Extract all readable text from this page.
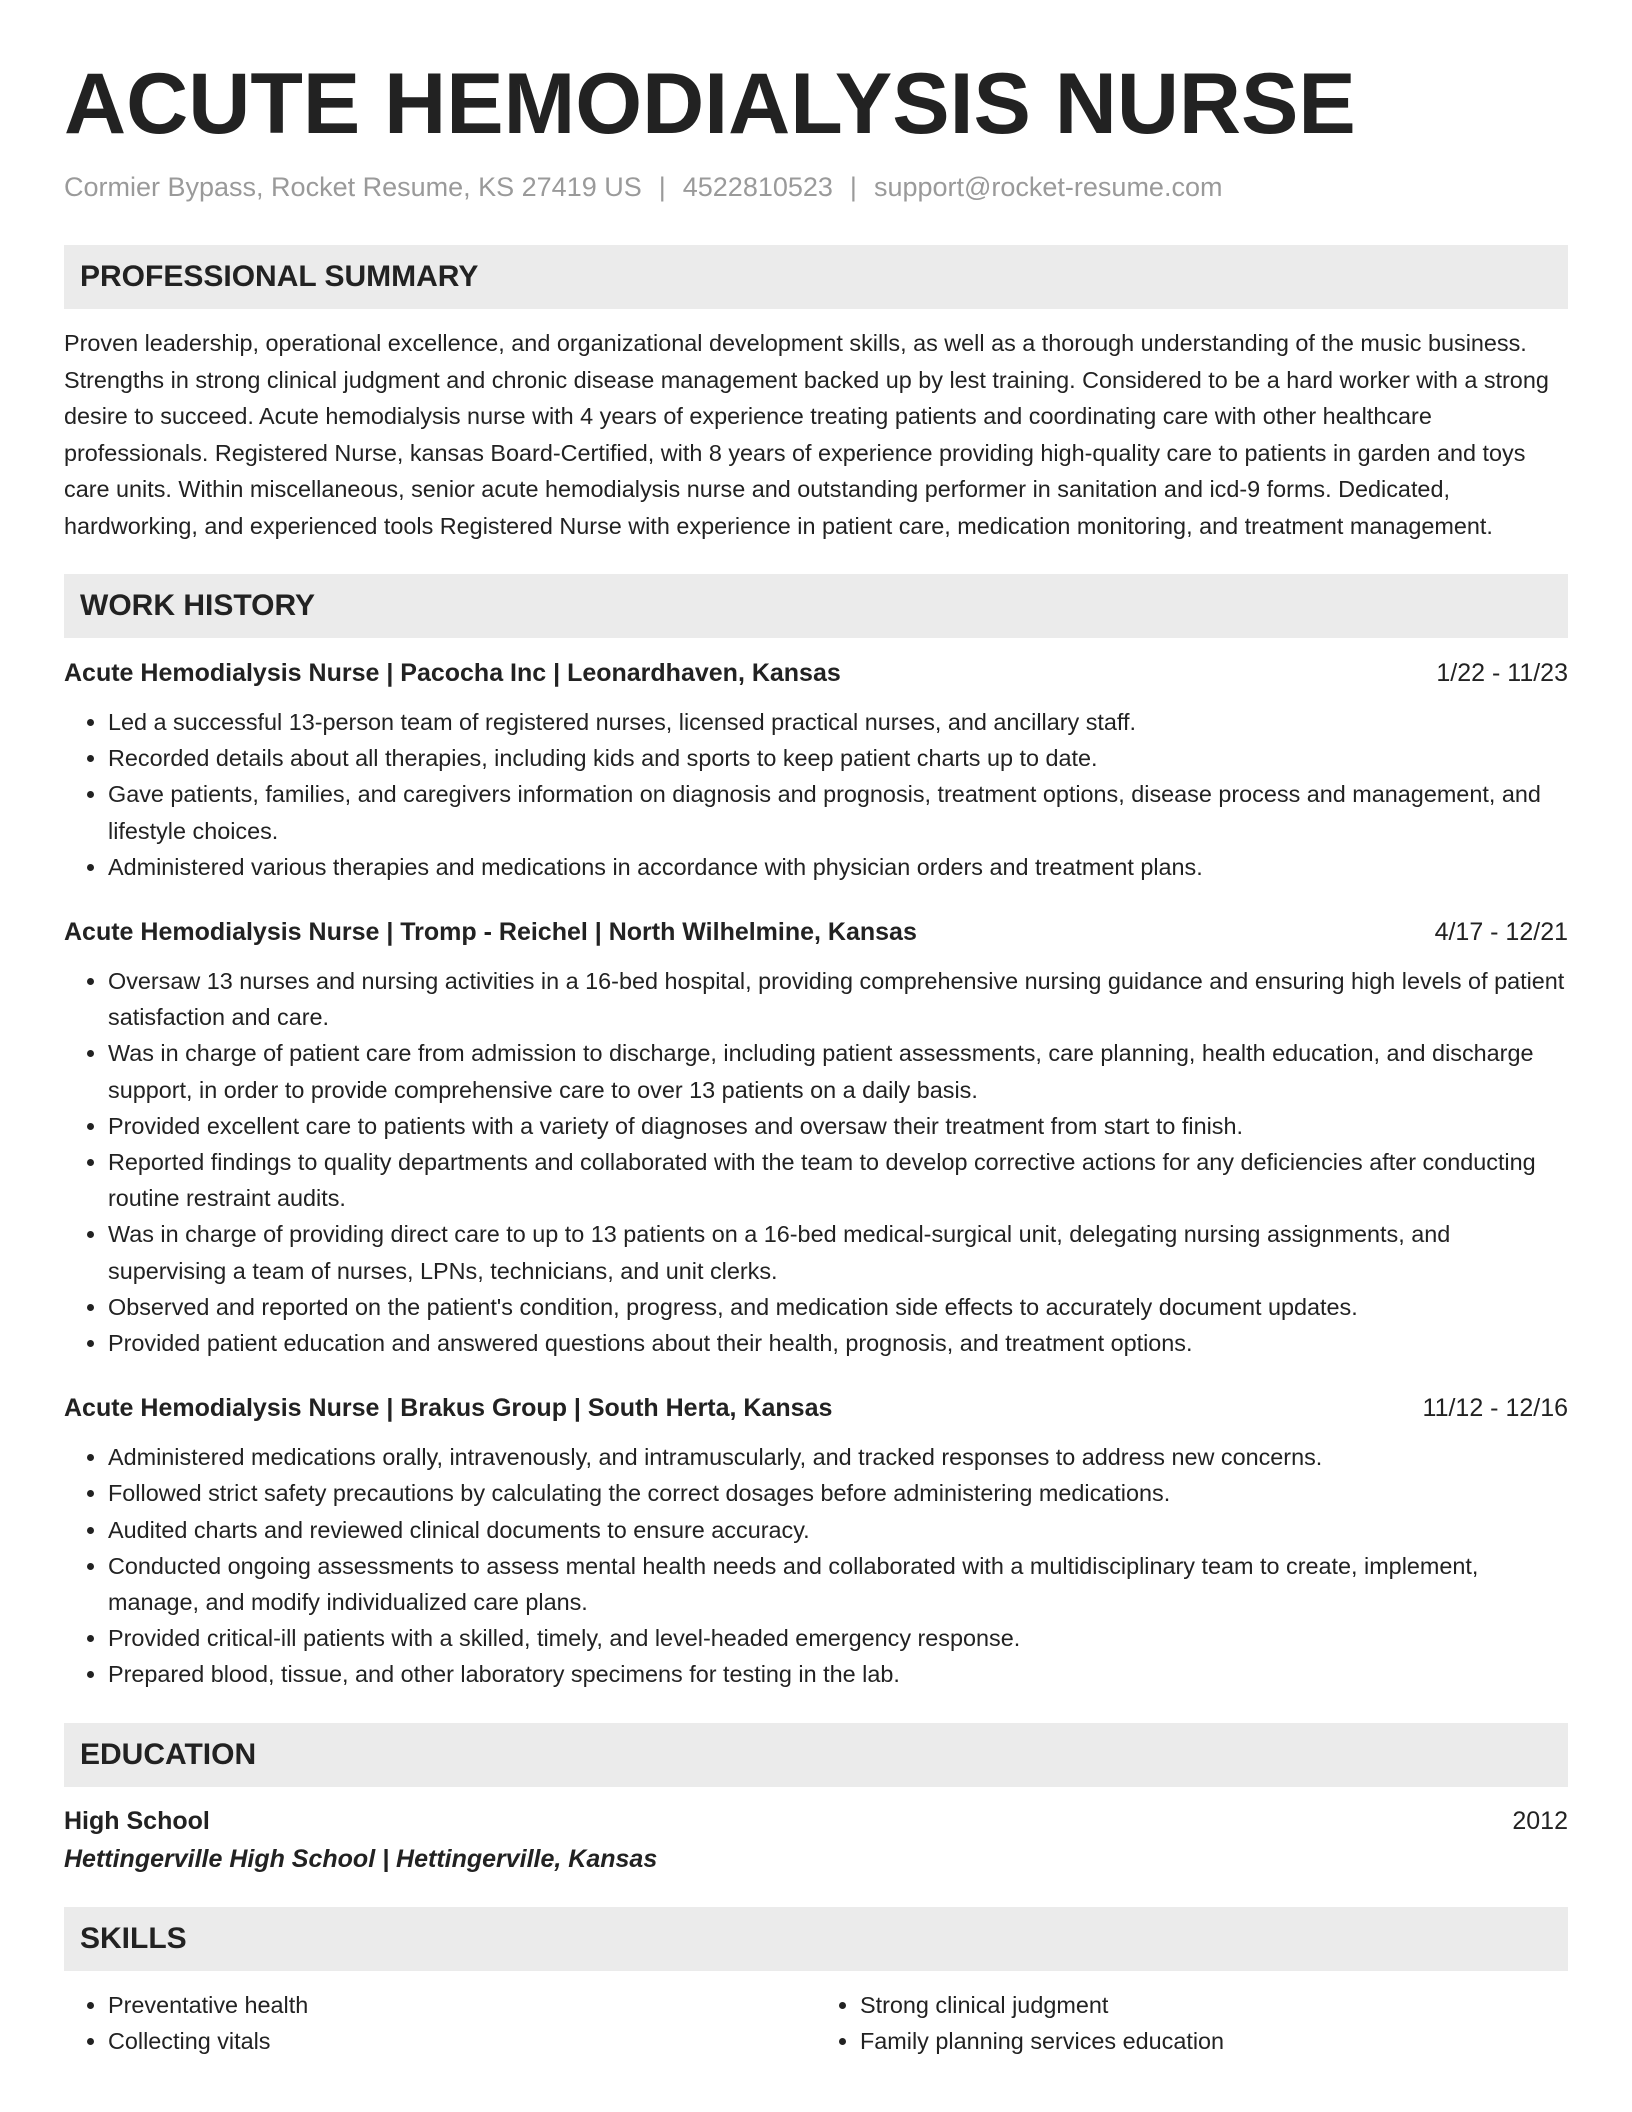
ACUTE HEMODIALYSIS NURSE
Cormier Bypass, Rocket Resume, KS 27419 US | 4522810523 | support@rocket-resume.com
PROFESSIONAL SUMMARY
Proven leadership, operational excellence, and organizational development skills, as well as a thorough understanding of the music business. Strengths in strong clinical judgment and chronic disease management backed up by lest training. Considered to be a hard worker with a strong desire to succeed. Acute hemodialysis nurse with 4 years of experience treating patients and coordinating care with other healthcare professionals. Registered Nurse, kansas Board-Certified, with 8 years of experience providing high-quality care to patients in garden and toys care units. Within miscellaneous, senior acute hemodialysis nurse and outstanding performer in sanitation and icd-9 forms. Dedicated, hardworking, and experienced tools Registered Nurse with experience in patient care, medication monitoring, and treatment management.
WORK HISTORY
Acute Hemodialysis Nurse | Pacocha Inc | Leonardhaven, Kansas	1/22 - 11/23
• Led a successful 13-person team of registered nurses, licensed practical nurses, and ancillary staff.
• Recorded details about all therapies, including kids and sports to keep patient charts up to date.
• Gave patients, families, and caregivers information on diagnosis and prognosis, treatment options, disease process and management, and lifestyle choices.
• Administered various therapies and medications in accordance with physician orders and treatment plans.
Acute Hemodialysis Nurse | Tromp - Reichel | North Wilhelmine, Kansas	4/17 - 12/21
• Oversaw 13 nurses and nursing activities in a 16-bed hospital, providing comprehensive nursing guidance and ensuring high levels of patient satisfaction and care.
• Was in charge of patient care from admission to discharge, including patient assessments, care planning, health education, and discharge support, in order to provide comprehensive care to over 13 patients on a daily basis.
• Provided excellent care to patients with a variety of diagnoses and oversaw their treatment from start to finish.
• Reported findings to quality departments and collaborated with the team to develop corrective actions for any deficiencies after conducting routine restraint audits.
• Was in charge of providing direct care to up to 13 patients on a 16-bed medical-surgical unit, delegating nursing assignments, and supervising a team of nurses, LPNs, technicians, and unit clerks.
• Observed and reported on the patient's condition, progress, and medication side effects to accurately document updates.
• Provided patient education and answered questions about their health, prognosis, and treatment options.
Acute Hemodialysis Nurse | Brakus Group | South Herta, Kansas	11/12 - 12/16
• Administered medications orally, intravenously, and intramuscularly, and tracked responses to address new concerns.
• Followed strict safety precautions by calculating the correct dosages before administering medications.
• Audited charts and reviewed clinical documents to ensure accuracy.
• Conducted ongoing assessments to assess mental health needs and collaborated with a multidisciplinary team to create, implement, manage, and modify individualized care plans.
• Provided critical-ill patients with a skilled, timely, and level-headed emergency response.
• Prepared blood, tissue, and other laboratory specimens for testing in the lab.
EDUCATION
High School	2012
Hettingerville High School | Hettingerville, Kansas
SKILLS
• Preventative health
• Collecting vitals
• Strong clinical judgment
• Family planning services education
